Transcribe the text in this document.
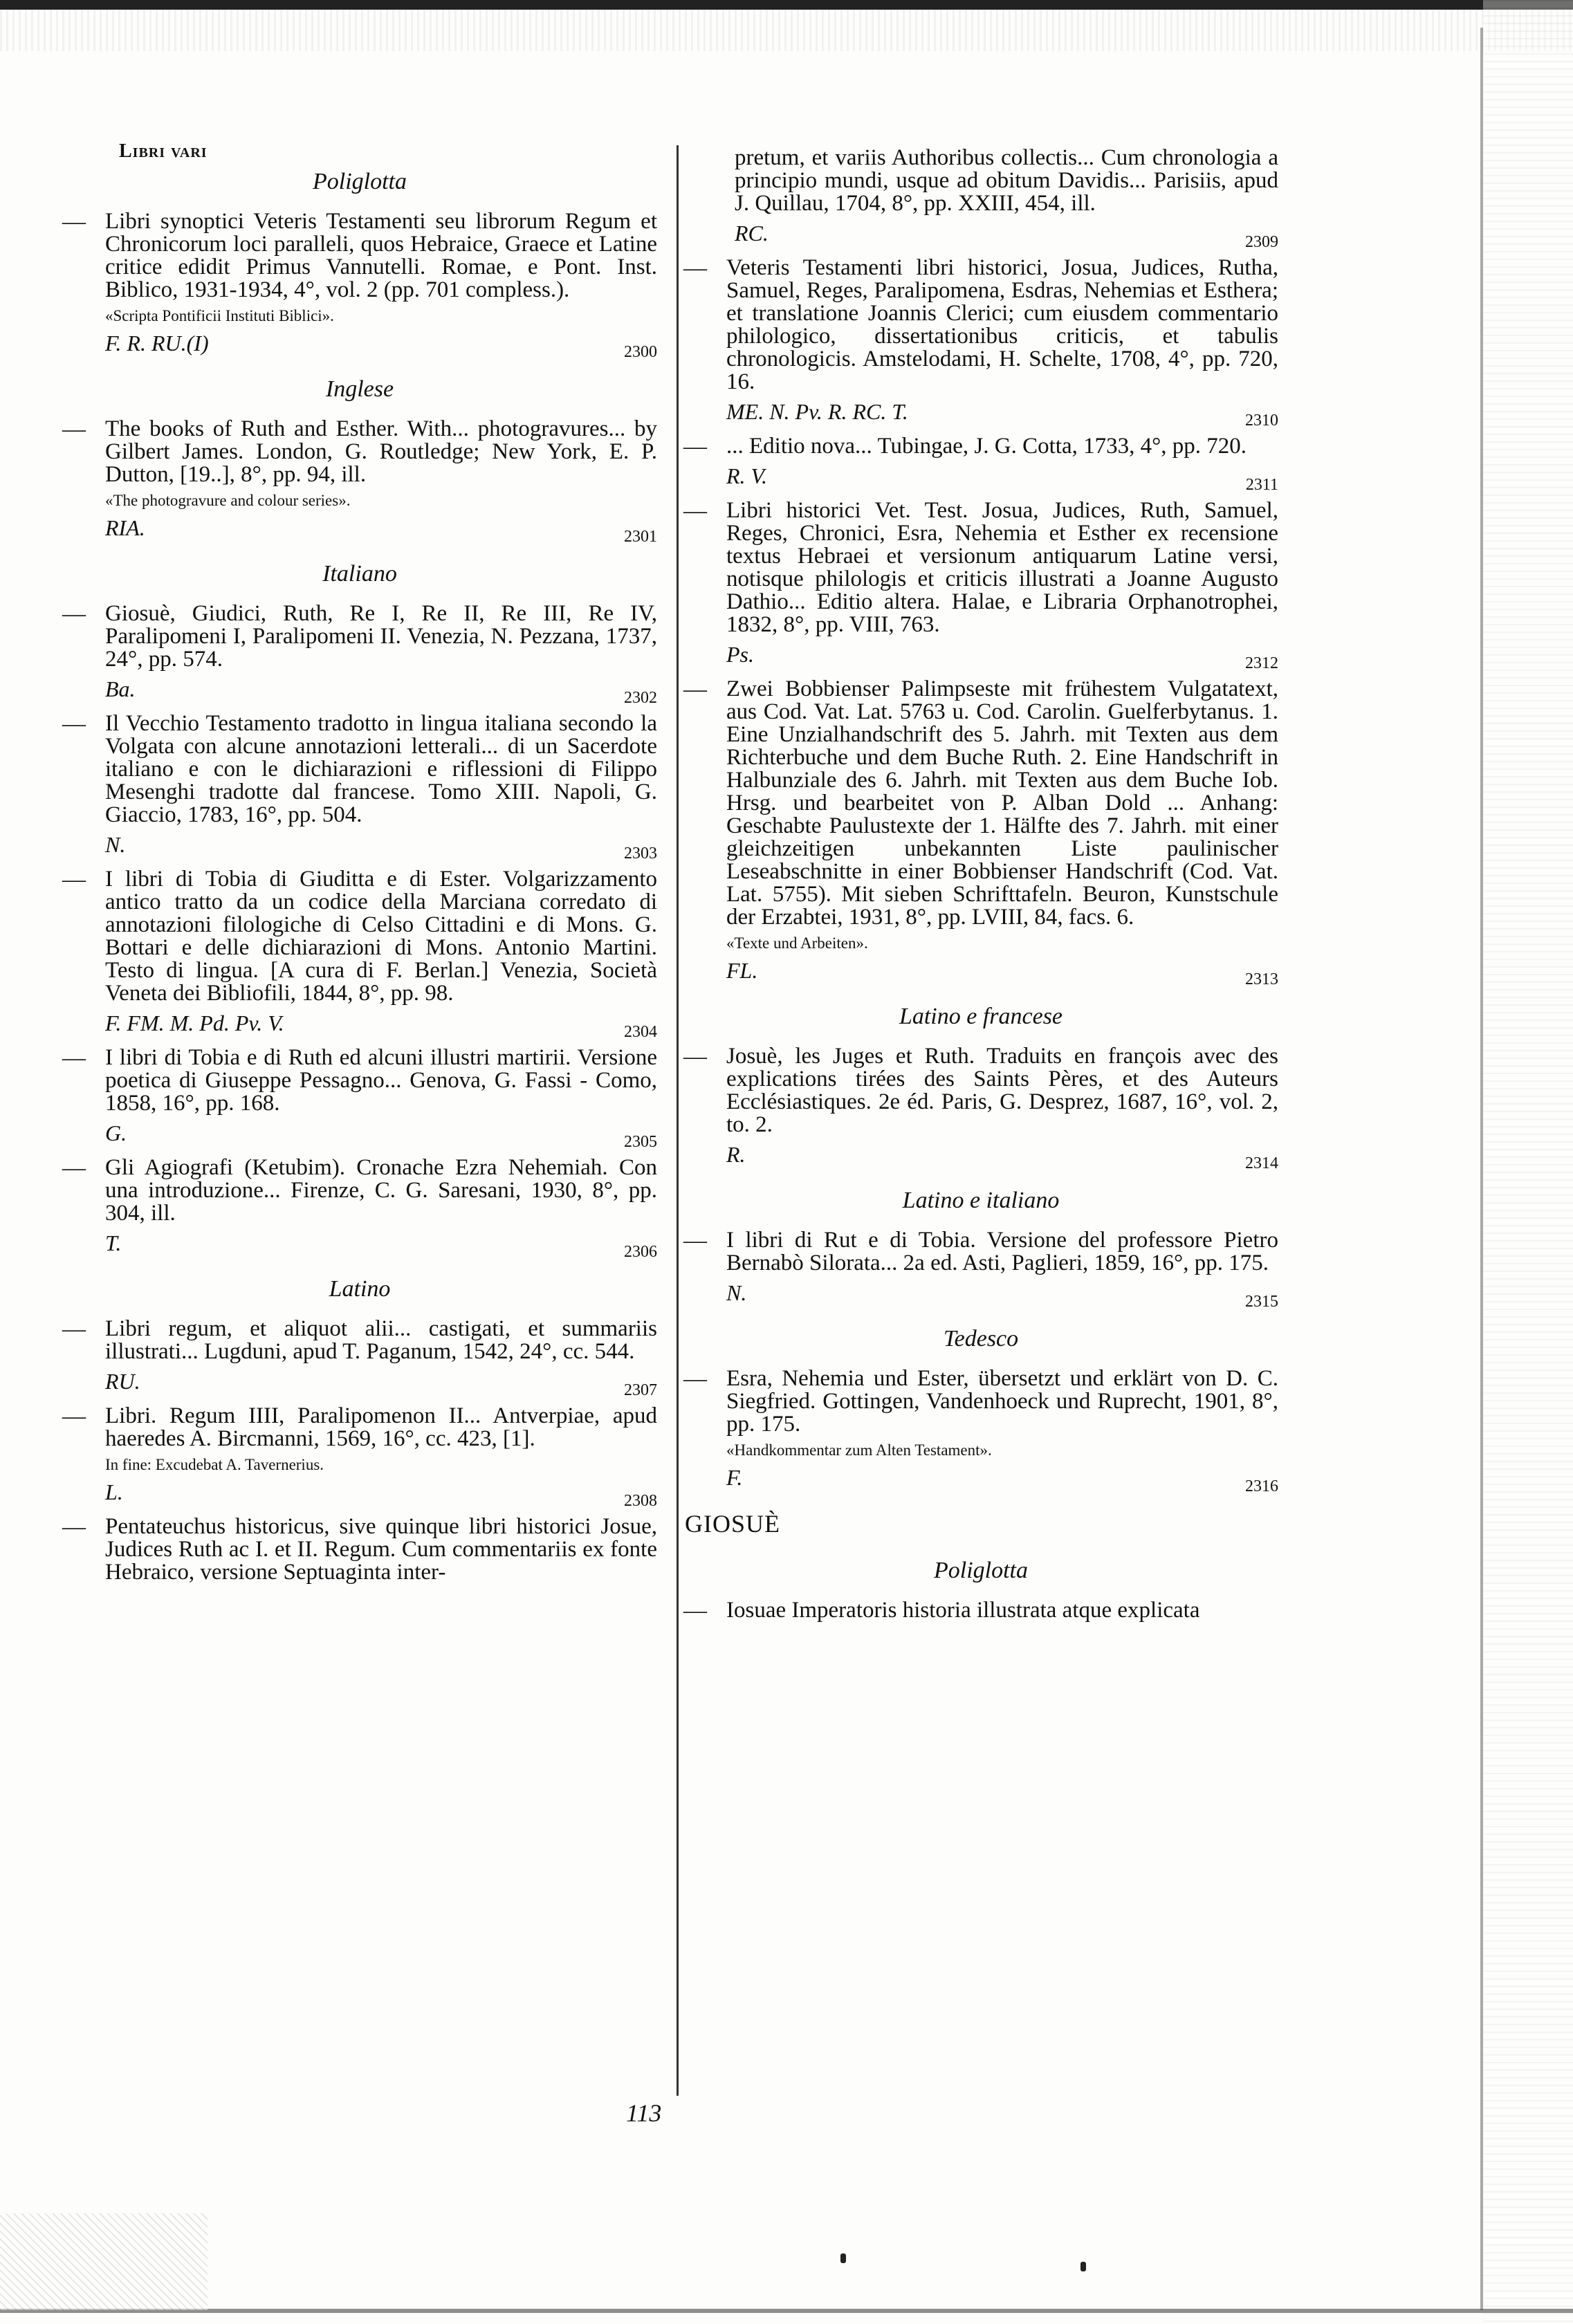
Libri vari
Poliglotta
— Libri synoptici Veteris Testamenti seu librorum Regum et Chronicorum loci paralleli, quos Hebraice, Graece et Latine critice edidit Primus Vannutelli. Romae, e Pont. Inst. Biblico, 1931-1934, 4°, vol. 2 (pp. 701 compless.).
«Scripta Pontificii Instituti Biblici».
F. R. RU.(I)	2300
Inglese
— The books of Ruth and Esther. With... photogravures... by Gilbert James. London, G. Routledge; New York, E. P. Dutton, [19..], 8°, pp. 94, ill.
«The photogravure and colour series».
RIA.	2301
Italiano
— Giosuè, Giudici, Ruth, Re I, Re II, Re III, Re IV, Paralipomeni I, Paralipomeni II. Venezia, N. Pezzana, 1737, 24°, pp. 574.
Ba.	2302
— Il Vecchio Testamento tradotto in lingua italiana secondo la Volgata con alcune annotazioni letterali... di un Sacerdote italiano e con le dichiarazioni e riflessioni di Filippo Mesenghi tradotte dal francese. Tomo XIII. Napoli, G. Giaccio, 1783, 16°, pp. 504.
N.	2303
— I libri di Tobia di Giuditta e di Ester. Volgarizzamento antico tratto da un codice della Marciana corredato di annotazioni filologiche di Celso Cittadini e di Mons. G. Bottari e delle dichiarazioni di Mons. Antonio Martini. Testo di lingua. [A cura di F. Berlan.] Venezia, Società Veneta dei Bibliofili, 1844, 8°, pp. 98.
F. FM. M. Pd. Pv. V.	2304
— I libri di Tobia e di Ruth ed alcuni illustri martirii. Versione poetica di Giuseppe Pessagno... Genova, G. Fassi - Como, 1858, 16°, pp. 168.
G.	2305
— Gli Agiografi (Ketubim). Cronache Ezra Nehemiah. Con una introduzione... Firenze, C. G. Saresani, 1930, 8°, pp. 304, ill.
T.	2306
Latino
— Libri regum, et aliquot alii... castigati, et summariis illustrati... Lugduni, apud T. Paganum, 1542, 24°, cc. 544.
RU.	2307
— Libri. Regum IIII, Paralipomenon II... Antverpiae, apud haeredes A. Bircmanni, 1569, 16°, cc. 423, [1].
In fine: Excudebat A. Tavernerius.
L.	2308
— Pentateuchus historicus, sive quinque libri historici Josue, Judices Ruth ac I. et II. Regum. Cum commentariis ex fonte Hebraico, versione Septuaginta inter-
pretum, et variis Authoribus collectis... Cum chronologia a principio mundi, usque ad obitum Davidis... Parisiis, apud J. Quillau, 1704, 8°, pp. XXIII, 454, ill.
RC.	2309
— Veteris Testamenti libri historici, Josua, Judices, Rutha, Samuel, Reges, Paralipomena, Esdras, Nehemias et Esthera; et translatione Joannis Clerici; cum eiusdem commentario philologico, dissertationibus criticis, et tabulis chronologicis. Amstelodami, H. Schelte, 1708, 4°, pp. 720, 16.
ME. N. Pv. R. RC. T.	2310
— ... Editio nova... Tubingae, J. G. Cotta, 1733, 4°, pp. 720.
R. V.	2311
— Libri historici Vet. Test. Josua, Judices, Ruth, Samuel, Reges, Chronici, Esra, Nehemia et Esther ex recensione textus Hebraei et versionum antiquarum Latine versi, notisque philologis et criticis illustrati a Joanne Augusto Dathio... Editio altera. Halae, e Libraria Orphanotrophei, 1832, 8°, pp. VIII, 763.
Ps.	2312
— Zwei Bobbienser Palimpseste mit frühestem Vulgatatext, aus Cod. Vat. Lat. 5763 u. Cod. Carolin. Guelferbytanus. 1. Eine Unzialhandschrift des 5. Jahrh. mit Texten aus dem Richterbuche und dem Buche Ruth. 2. Eine Handschrift in Halbunziale des 6. Jahrh. mit Texten aus dem Buche Iob. Hrsg. und bearbeitet von P. Alban Dold ... Anhang: Geschabte Paulustexte der 1. Hälfte des 7. Jahrh. mit einer gleichzeitigen unbekannten Liste paulinischer Leseabschnitte in einer Bobbienser Handschrift (Cod. Vat. Lat. 5755). Mit sieben Schrifttafeln. Beuron, Kunstschule der Erzabtei, 1931, 8°, pp. LVIII, 84, facs. 6.
«Texte und Arbeiten».
FL.	2313
Latino e francese
— Josuè, les Juges et Ruth. Traduits en françois avec des explications tirées des Saints Pères, et des Auteurs Ecclésiastiques. 2e éd. Paris, G. Desprez, 1687, 16°, vol. 2, to. 2.
R.	2314
Latino e italiano
— I libri di Rut e di Tobia. Versione del professore Pietro Bernabò Silorata... 2a ed. Asti, Paglieri, 1859, 16°, pp. 175.
N.	2315
Tedesco
— Esra, Nehemia und Ester, übersetzt und erklärt von D. C. Siegfried. Gottingen, Vandenhoeck und Ruprecht, 1901, 8°, pp. 175.
«Handkommentar zum Alten Testament».
F.	2316
GIOSUÈ
Poliglotta
— Iosuae Imperatoris historia illustrata atque explicata
113
